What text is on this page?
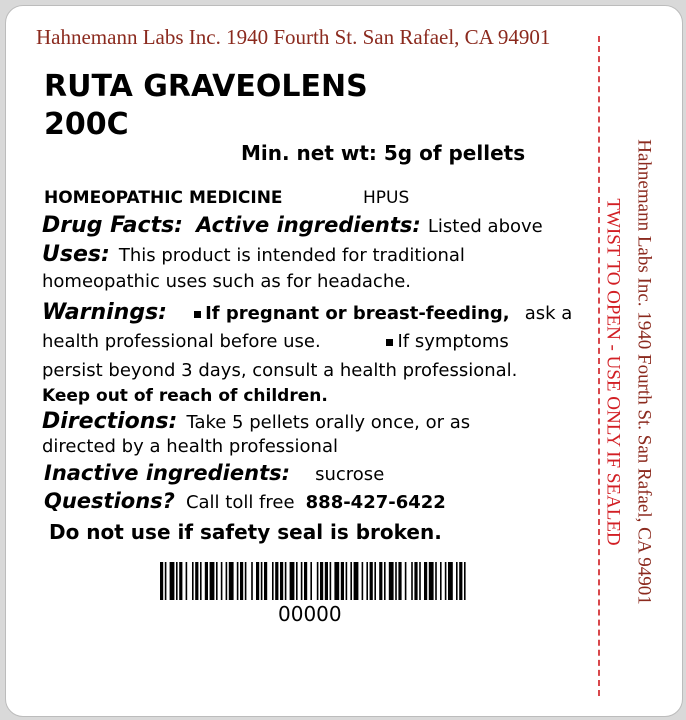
Hahnemann Labs Inc. 1940 Fourth St. San Rafael, CA 94901
RUTA GRAVEOLENS
200C
Min. net wt: 5g of pellets
HOMEOPATHIC MEDICINE	HPUS
Drug Facts: Active ingredients: Listed above
Uses: This product is intended for traditional
homeopathic uses such as for headache.
Warnings: If pregnant or breast-feeding, ask a
health professional before use.	If symptoms
persist beyond 3 days, consult a health professional.
Keep out of reach of children.
Directions: Take 5 pellets orally once, or as
directed by a health professional
Inactive ingredients: sucrose
Questions? Call toll free 888-427-6422
Do not use if safety seal is broken.
00000
TWIST TO OPEN - USE ONLY IF SEALED Hahnemann Labs Inc. 1940 Fourth St. San Rafael, CA 94901
